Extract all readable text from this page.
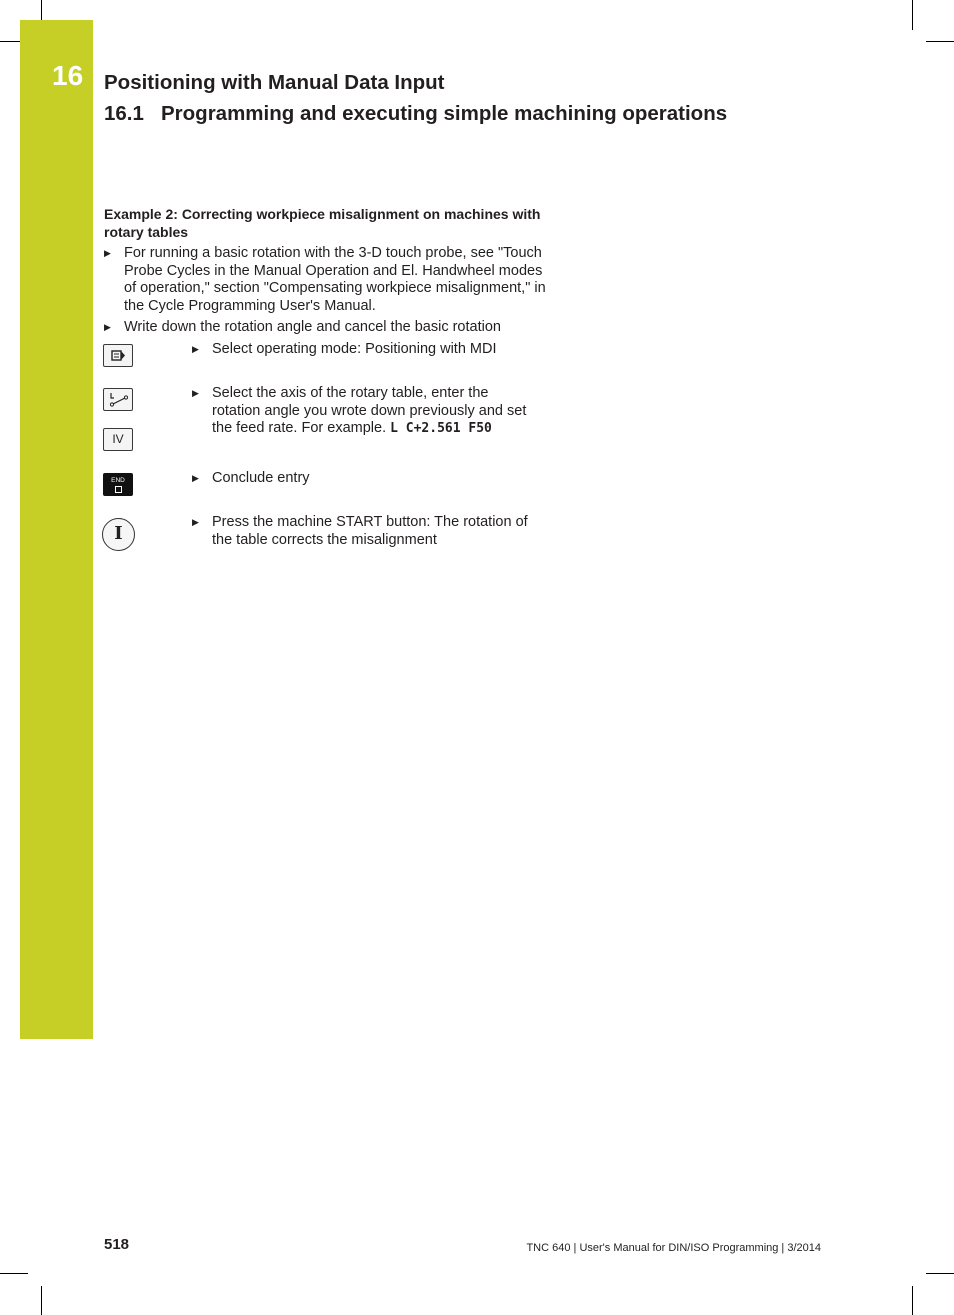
16 Positioning with Manual Data Input
16.1 Programming and executing simple machining operations
Example 2: Correcting workpiece misalignment on machines with rotary tables
▶ For running a basic rotation with the 3-D touch probe, see "Touch Probe Cycles in the Manual Operation and El. Handwheel modes of operation," section "Compensating workpiece misalignment," in the Cycle Programming User's Manual.
▶ Write down the rotation angle and cancel the basic rotation
▶ Select operating mode: Positioning with MDI
IV
▶ Select the axis of the rotary table, enter the rotation angle you wrote down previously and set the feed rate. For example. L C+2.561 F50
END	▶ Conclude entry
I
▶ Press the machine START button: The rotation of the table corrects the misalignment
518	TNC 640 | User's Manual for DIN/ISO Programming | 3/2014
